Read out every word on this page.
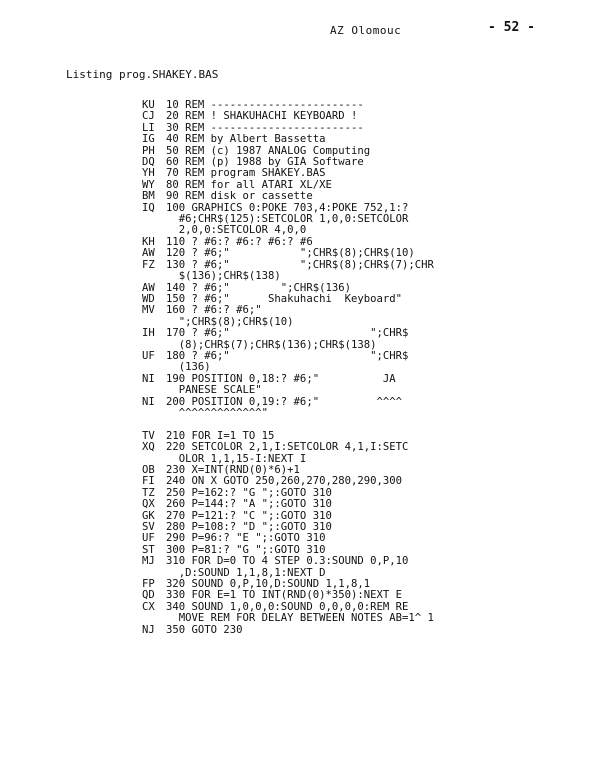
AZ Olomouc	- 52 -
Listing prog.SHAKEY.BAS
KU	10 REM ------------------------
CJ	20 REM ! SHAKUHACHI KEYBOARD !
LI	30 REM ------------------------
IG	40 REM by Albert Bassetta
PH	50 REM (c) 1987 ANALOG Computing
DQ	60 REM (p) 1988 by GIA Software
YH	70 REM program SHAKEY.BAS
WY	80 REM for all ATARI XL/XE
BM	90 REM disk or cassette
IQ	100 GRAPHICS 0:POKE 703,4:POKE 752,1:?
#6;CHR$(125):SETCOLOR 1,0,0:SETCOLOR
2,0,0:SETCOLOR 4,0,0
KH	110 ? #6:? #6:? #6:? #6
AW	120 ? #6;"           ";CHR$(8);CHR$(10)
FZ	130 ? #6;"           ";CHR$(8);CHR$(7);CHR
$(136);CHR$(138)
AW	140 ? #6;"        ";CHR$(136)
WD	150 ? #6;"      Shakuhachi  Keyboard"
MV	160 ? #6:? #6;"
";CHR$(8);CHR$(10)
IH	170 ? #6;"                      ";CHR$
(8);CHR$(7);CHR$(136);CHR$(138)
UF	180 ? #6;"                      ";CHR$
(136)
NI	190 POSITION 0,18:? #6;"          JA
PANESE SCALE"
NI	200 POSITION 0,19:? #6;"         ^^^^
^^^^^^^^^^^^^"
TV	210 FOR I=1 TO 15
XQ	220 SETCOLOR 2,1,I:SETCOLOR 4,1,I:SETC
OLOR 1,1,15-I:NEXT I
OB	230 X=INT(RND(0)*6)+1
FI	240 ON X GOTO 250,260,270,280,290,300
TZ	250 P=162:? "G ";:GOTO 310
QX	260 P=144:? "A ";:GOTO 310
GK	270 P=121:? "C ";:GOTO 310
SV	280 P=108:? "D ";:GOTO 310
UF	290 P=96:? "E ";:GOTO 310
ST	300 P=81:? "G ";:GOTO 310
MJ	310 FOR D=0 TO 4 STEP 0.3:SOUND 0,P,10
,D:SOUND 1,1,8,1:NEXT D
FP	320 SOUND 0,P,10,D:SOUND 1,1,8,1
QD	330 FOR E=1 TO INT(RND(0)*350):NEXT E
CX	340 SOUND 1,0,0,0:SOUND 0,0,0,0:REM RE
MOVE REM FOR DELAY BETWEEN NOTES AB=1^ 1
NJ	350 GOTO 230
